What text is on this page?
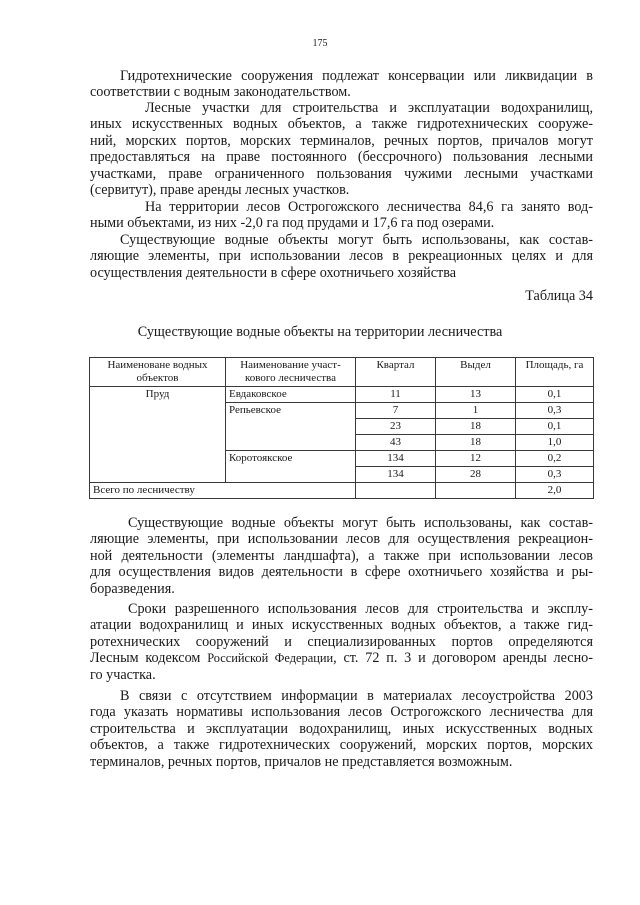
175

Гидротехнические сооружения подлежат консервации или ликвидации в
соответствии с водным законодательством.

Лесные участки для строительства и эксплуатации водохранилищ,
иных искусственных водных объектов, а также гидротехнических сооруже-
ний, морских портов, морских терминалов, речных портов, причалов могут
предоставляться на праве постоянного (бессрочного) пользования лесными
участками, праве ограниченного пользования чужими лесными участками
(сервитут), праве аренды лесных участков.

На территории лесов Острогожского лесничества 84,6 га занято вод-
ными объектами, из них -2,0 га под прудами и 17,6 га под озерами.

Существующие водные объекты могут быть использованы, как состав-
ляющие элементы, при использовании лесов в рекреационных целях и для
осуществления деятельности в сфере охотничьего хозяйства

Таблица 34
Существующие водные объекты на территории лесничества
Наименоване водных
объектов	Наименование участ-
кового лесничества	Квартал	Выдел	Площадь, га
Пруд	Евдаковское	11	13	0,1
	Репьевское	7	1	0,3
		23	18	0,1
		43	18	1,0
	Коротоякское	134	12	0,2
		134	28	0,3
Всего по лесничеству				2,0

Существующие водные объекты могут быть использованы, как состав-
ляющие элементы, при использовании лесов для осуществления рекреацион-
ной деятельности (элементы ландшафта), а также при использовании лесов
для осуществления видов деятельности в сфере охотничьего хозяйства и ры-
боразведения.

Сроки разрешенного использования лесов для строительства и эксплу-
атации водохранилищ и иных искусственных водных объектов, а также гид-
ротехнических сооружений и специализированных портов определяются
Лесным кодексом Российской Федерации, ст. 72 п. 3 и договором аренды лесно-
го участка.

В связи с отсутствием информации в материалах лесоустройства 2003
года указать нормативы использования лесов Острогожского лесничества для
строительства и эксплуатации водохранилищ, иных искусственных водных
объектов, а также гидротехнических сооружений, морских портов, морских
терминалов, речных портов, причалов не представляется возможным.
